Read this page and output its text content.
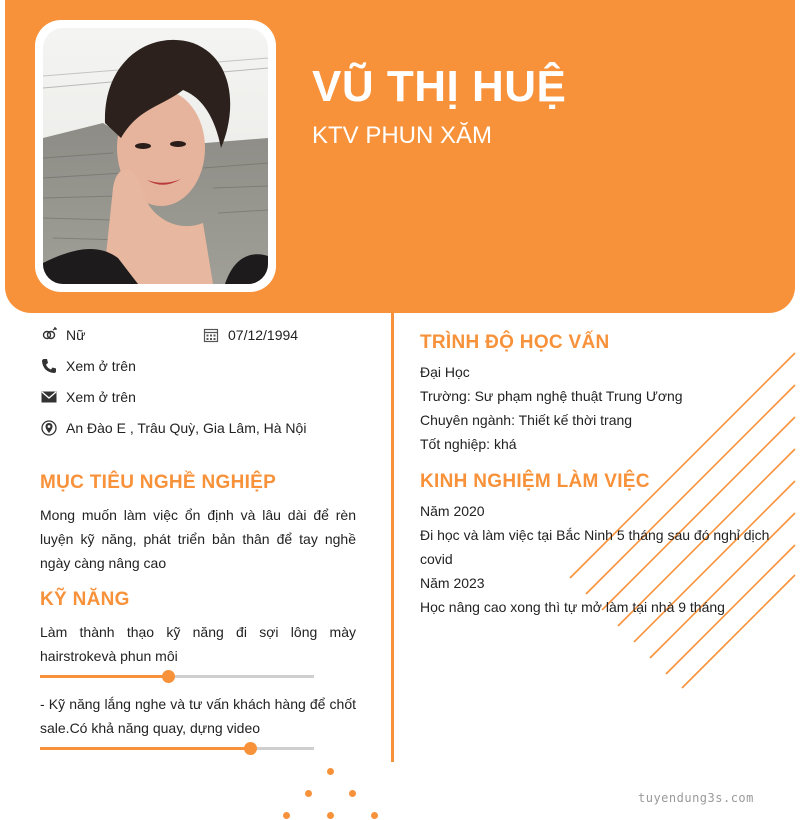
VŨ THỊ HUỆ
KTV PHUN XĂM
Nữ	07/12/1994
Xem ở trên
Xem ở trên
An Đào E , Trâu Quỳ, Gia Lâm, Hà Nội
MỤC TIÊU NGHỀ NGHIỆP
Mong muốn làm việc ổn định và lâu dài để rèn luyện kỹ năng, phát triển bản thân để tay nghề ngày càng nâng cao
KỸ NĂNG
Làm thành thạo kỹ năng đi sợi lông mày hairstrokevà phun môi
- Kỹ năng lắng nghe và tư vấn khách hàng để chốt sale.Có khả năng quay, dựng video
TRÌNH ĐỘ HỌC VẤN
Đại Học
Trường: Sư phạm nghệ thuật Trung Ương
Chuyên ngành: Thiết kế thời trang
Tốt nghiệp: khá
KINH NGHIỆM LÀM VIỆC
Năm 2020
Đi học và làm việc tại Bắc Ninh 5 tháng sau đó nghỉ dịch covid
Năm 2023
Học nâng cao xong thì tự mở làm tại nhà 9 tháng
tuyendung3s.com
